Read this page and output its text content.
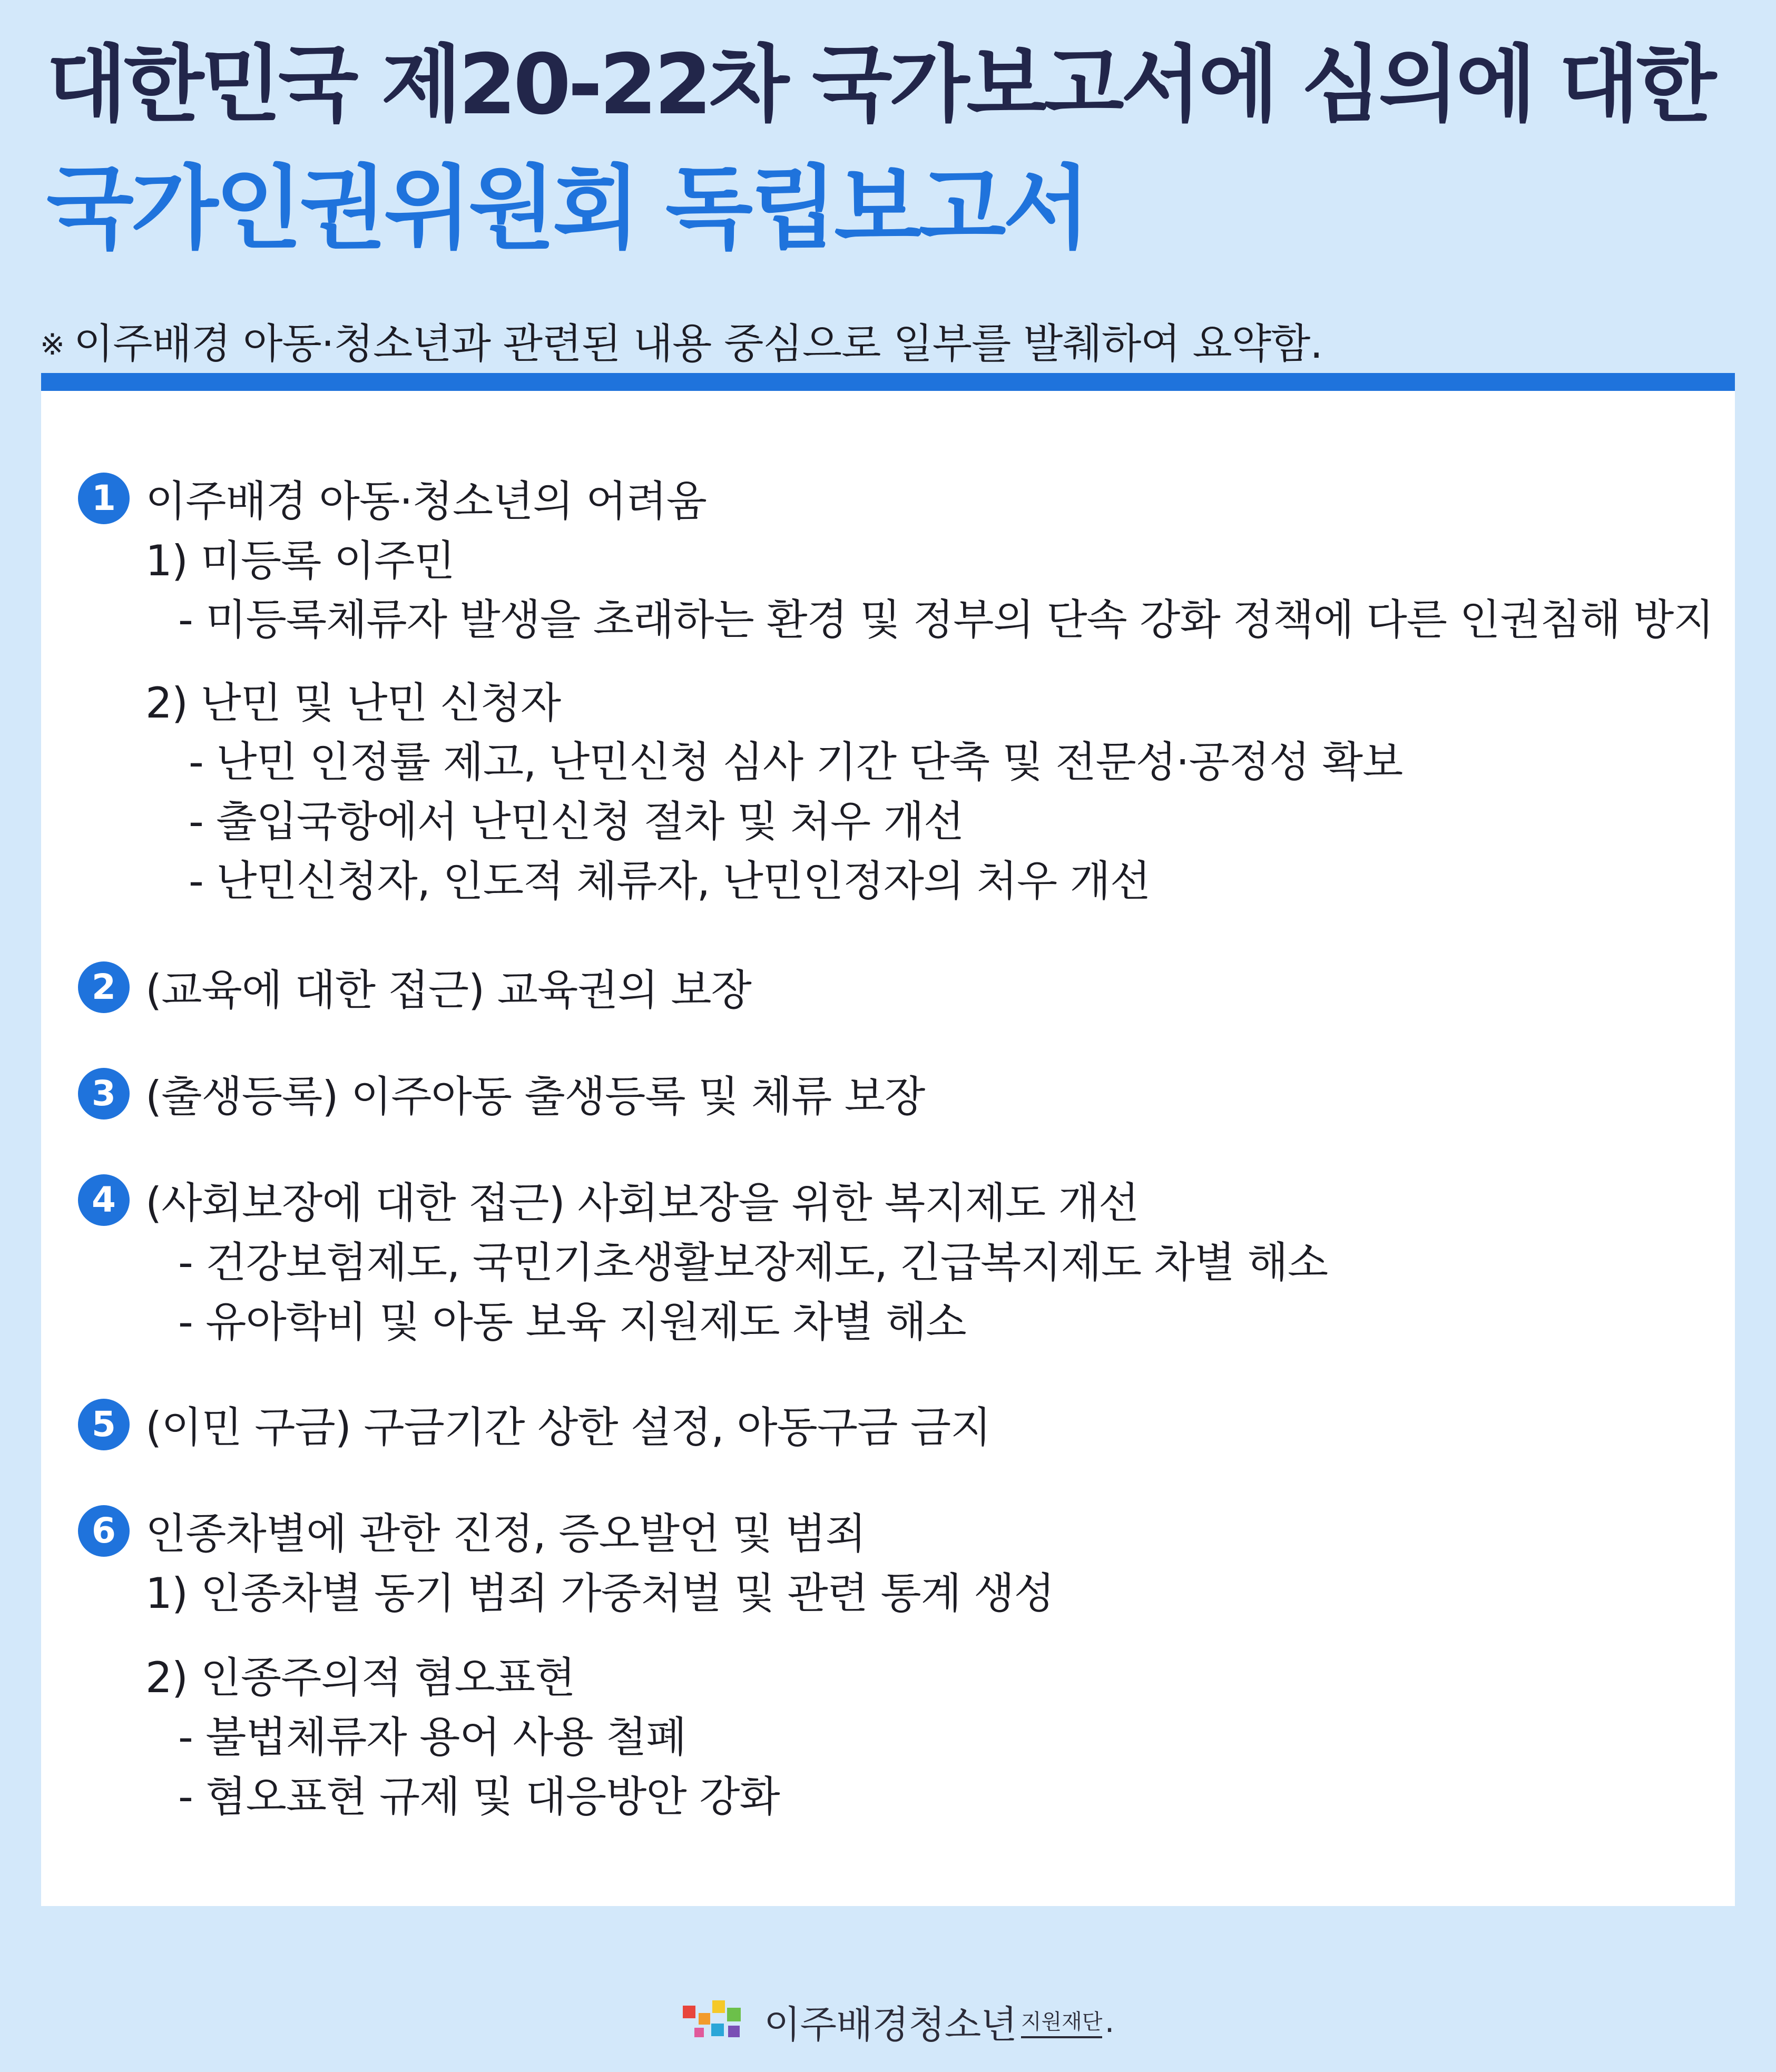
대한민국 제20-22차 국가보고서에 심의에 대한
국가인권위원회 독립보고서
※ 이주배경 아동·청소년과 관련된 내용 중심으로 일부를 발췌하여 요약함.
1 이주배경 아동·청소년의 어려움
1) 미등록 이주민
- 미등록체류자 발생을 초래하는 환경 및 정부의 단속 강화 정책에 다른 인권침해 방지
2) 난민 및 난민 신청자
- 난민 인정률 제고, 난민신청 심사 기간 단축 및 전문성·공정성 확보
- 출입국항에서 난민신청 절차 및 처우 개선
- 난민신청자, 인도적 체류자, 난민인정자의 처우 개선
2 (교육에 대한 접근) 교육권의 보장
3 (출생등록) 이주아동 출생등록 및 체류 보장
4 (사회보장에 대한 접근) 사회보장을 위한 복지제도 개선
- 건강보험제도, 국민기초생활보장제도, 긴급복지제도 차별 해소
- 유아학비 및 아동 보육 지원제도 차별 해소
5 (이민 구금) 구금기간 상한 설정, 아동구금 금지
6 인종차별에 관한 진정, 증오발언 및 범죄
1) 인종차별 동기 범죄 가중처벌 및 관련 통계 생성
2) 인종주의적 혐오표현
- 불법체류자 용어 사용 철폐
- 혐오표현 규제 및 대응방안 강화
이주배경청소년 지원재단 .
